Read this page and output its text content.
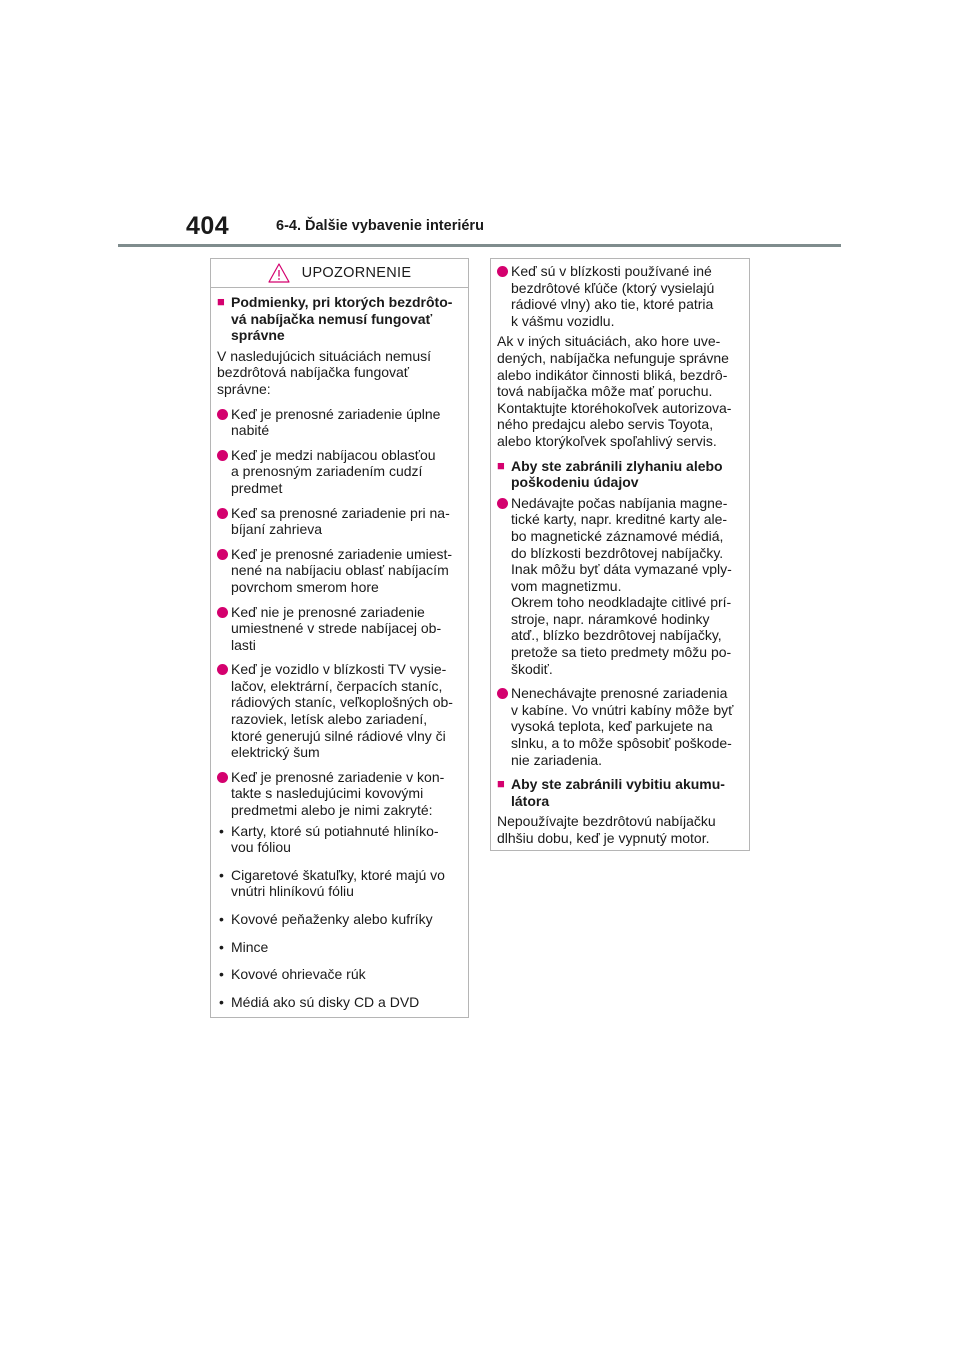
404	6-4. Ďalšie vybavenie interiéru
UPOZORNENIE
■ Podmienky, pri ktorých bezdrôto-
vá nabíjačka nemusí fungovať
správne
V nasledujúcich situáciách nemusí
bezdrôtová nabíjačka fungovať
správne:
Keď je prenosné zariadenie úplne
nabité
Keď je medzi nabíjacou oblasťou
a prenosným zariadením cudzí
predmet
Keď sa prenosné zariadenie pri na-
bíjaní zahrieva
Keď je prenosné zariadenie umiest-
nené na nabíjaciu oblasť nabíjacím
povrchom smerom hore
Keď nie je prenosné zariadenie
umiestnené v strede nabíjacej ob-
lasti
Keď je vozidlo v blízkosti TV vysie-
lačov, elektrární, čerpacích staníc,
rádiových staníc, veľkoplošných ob-
razoviek, letísk alebo zariadení,
ktoré generujú silné rádiové vlny či
elektrický šum
Keď je prenosné zariadenie v kon-
takte s nasledujúcimi kovovými
predmetmi alebo je nimi zakryté:
• Karty, ktoré sú potiahnuté hliníko-
vou fóliou
• Cigaretové škatuľky, ktoré majú vo
vnútri hliníkovú fóliu
• Kovové peňaženky alebo kufríky
• Mince
• Kovové ohrievače rúk
• Médiá ako sú disky CD a DVD
Keď sú v blízkosti používané iné
bezdrôtové kľúče (ktorý vysielajú
rádiové vlny) ako tie, ktoré patria
k vášmu vozidlu.
Ak v iných situáciách, ako hore uve-
dených, nabíjačka nefunguje správne
alebo indikátor činnosti bliká, bezdrô-
tová nabíjačka môže mať poruchu.
Kontaktujte ktoréhokoľvek autorizova-
ného predajcu alebo servis Toyota,
alebo ktorýkoľvek spoľahlivý servis.
■ Aby ste zabránili zlyhaniu alebo
poškodeniu údajov
Nedávajte počas nabíjania magne-
tické karty, napr. kreditné karty ale-
bo magnetické záznamové médiá,
do blízkosti bezdrôtovej nabíjačky.
Inak môžu byť dáta vymazané vply-
vom magnetizmu.
Okrem toho neodkladajte citlivé prí-
stroje, napr. náramkové hodinky
atď., blízko bezdrôtovej nabíjačky,
pretože sa tieto predmety môžu po-
škodiť.
Nenechávajte prenosné zariadenia
v kabíne. Vo vnútri kabíny môže byť
vysoká teplota, keď parkujete na
slnku, a to môže spôsobiť poškode-
nie zariadenia.
■ Aby ste zabránili vybitiu akumu-
látora
Nepoužívajte bezdrôtovú nabíjačku
dlhšiu dobu, keď je vypnutý motor.
